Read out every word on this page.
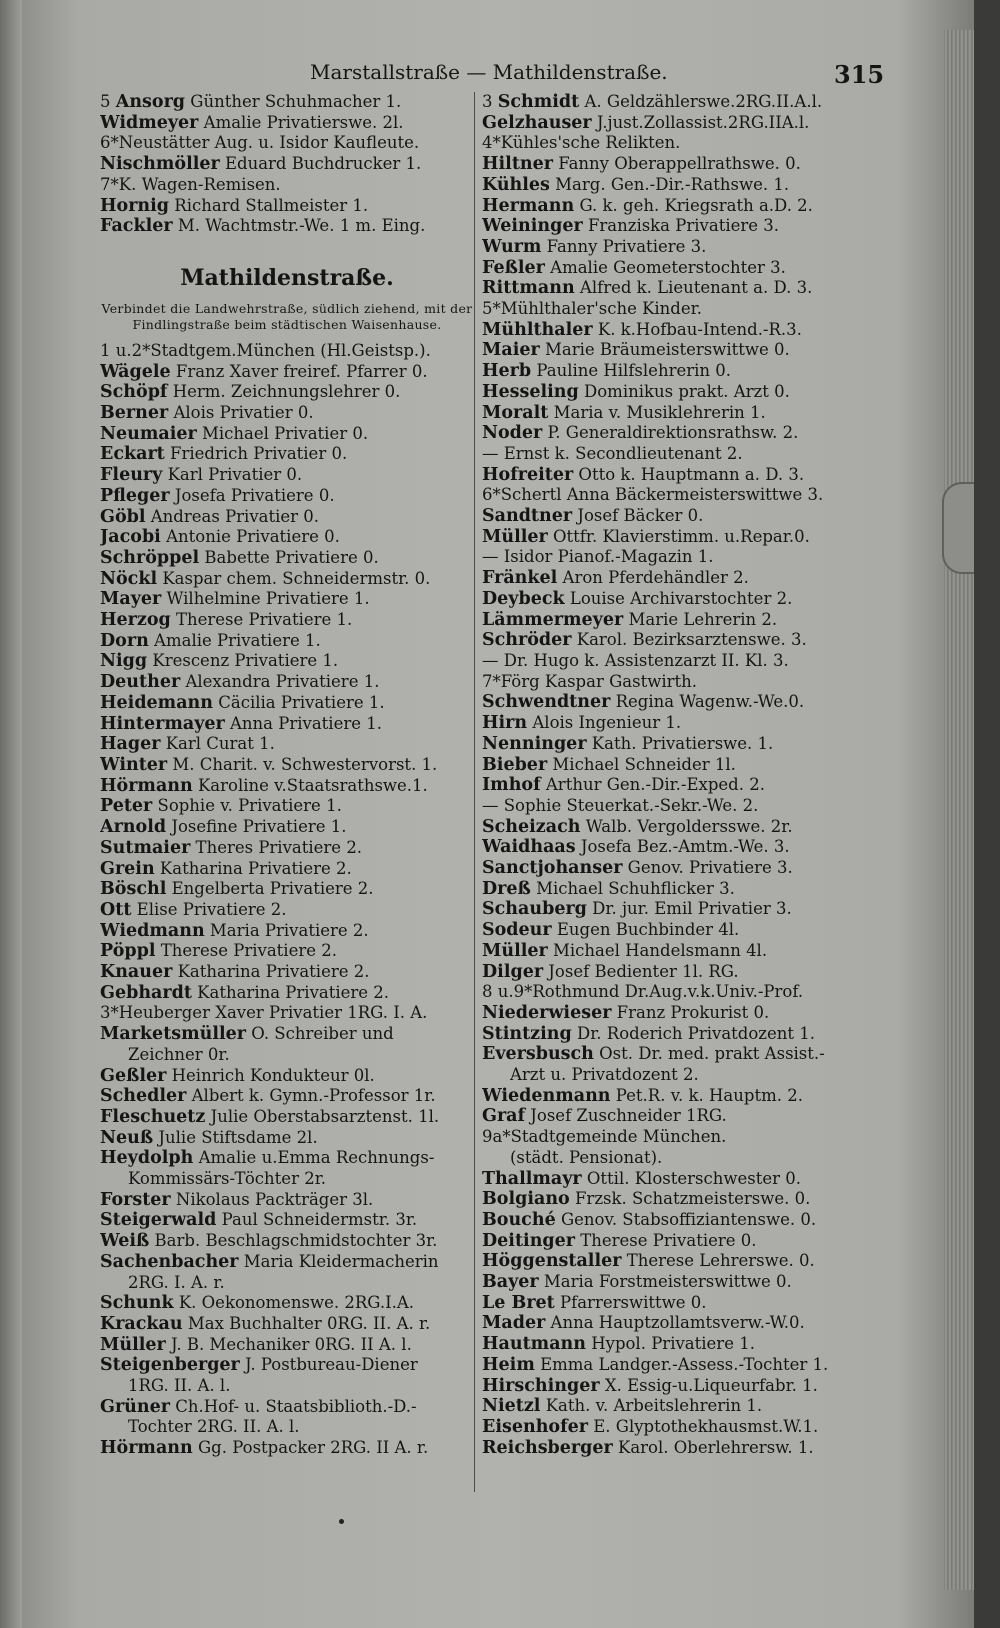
Marstallstraße — Mathildenstraße.	315
5 Ansorg Günther Schuhmacher 1.
Widmeyer Amalie Privatierswe. 2l.
6*Neustätter Aug. u. Isidor Kaufleute.
Nischmöller Eduard Buchdrucker 1.
7*K. Wagen-Remisen.
Hornig Richard Stallmeister 1.
Fackler M. Wachtmstr.-We. 1 m. Eing.
Mathildenstraße.
Verbindet die Landwehrstraße, südlich ziehend, mit der Findlingstraße beim städtischen Waisenhause.
1 u.2*Stadtgem.München (Hl.Geistsp.).
Wägele Franz Xaver freiref. Pfarrer 0.
Schöpf Herm. Zeichnungslehrer 0.
Berner Alois Privatier 0.
Neumaier Michael Privatier 0.
Eckart Friedrich Privatier 0.
Fleury Karl Privatier 0.
Pfleger Josefa Privatiere 0.
Göbl Andreas Privatier 0.
Jacobi Antonie Privatiere 0.
Schröppel Babette Privatiere 0.
Nöckl Kaspar chem. Schneidermstr. 0.
Mayer Wilhelmine Privatiere 1.
Herzog Therese Privatiere 1.
Dorn Amalie Privatiere 1.
Nigg Krescenz Privatiere 1.
Deuther Alexandra Privatiere 1.
Heidemann Cäcilia Privatiere 1.
Hintermayer Anna Privatiere 1.
Hager Karl Curat 1.
Winter M. Charit. v. Schwestervorst. 1.
Hörmann Karoline v.Staatsrathswe.1.
Peter Sophie v. Privatiere 1.
Arnold Josefine Privatiere 1.
Sutmaier Theres Privatiere 2.
Grein Katharina Privatiere 2.
Böschl Engelberta Privatiere 2.
Ott Elise Privatiere 2.
Wiedmann Maria Privatiere 2.
Pöppl Therese Privatiere 2.
Knauer Katharina Privatiere 2.
Gebhardt Katharina Privatiere 2.
3*Heuberger Xaver Privatier 1RG. I. A.
Marketsmüller O. Schreiber und
Zeichner 0r.
Geßler Heinrich Kondukteur 0l.
Schedler Albert k. Gymn.-Professor 1r.
Fleschuetz Julie Oberstabsarztenst. 1l.
Neuß Julie Stiftsdame 2l.
Heydolph Amalie u.Emma Rechnungs-
Kommissärs-Töchter 2r.
Forster Nikolaus Packträger 3l.
Steigerwald Paul Schneidermstr. 3r.
Weiß Barb. Beschlagschmidstochter 3r.
Sachenbacher Maria Kleidermacherin
2RG. I. A. r.
Schunk K. Oekonomenswe. 2RG.I.A.
Krackau Max Buchhalter 0RG. II. A. r.
Müller J. B. Mechaniker 0RG. II A. l.
Steigenberger J. Postbureau-Diener
1RG. II. A. l.
Grüner Ch.Hof- u. Staatsbiblioth.-D.-
Tochter 2RG. II. A. l.
Hörmann Gg. Postpacker 2RG. II A. r.
3 Schmidt A. Geldzählerswe.2RG.II.A.l.
Gelzhauser J.just.Zollassist.2RG.IIA.l.
4*Kühles'sche Relikten.
Hiltner Fanny Oberappellrathswe. 0.
Kühles Marg. Gen.-Dir.-Rathswe. 1.
Hermann G. k. geh. Kriegsrath a.D. 2.
Weininger Franziska Privatiere 3.
Wurm Fanny Privatiere 3.
Feßler Amalie Geometerstochter 3.
Rittmann Alfred k. Lieutenant a. D. 3.
5*Mühlthaler'sche Kinder.
Mühlthaler K. k.Hofbau-Intend.-R.3.
Maier Marie Bräumeisterswittwe 0.
Herb Pauline Hilfslehrerin 0.
Hesseling Dominikus prakt. Arzt 0.
Moralt Maria v. Musiklehrerin 1.
Noder P. Generaldirektionsrathsw. 2.
— Ernst k. Secondlieutenant 2.
Hofreiter Otto k. Hauptmann a. D. 3.
6*Schertl Anna Bäckermeisterswittwe 3.
Sandtner Josef Bäcker 0.
Müller Ottfr. Klavierstimm. u.Repar.0.
— Isidor Pianof.-Magazin 1.
Fränkel Aron Pferdehändler 2.
Deybeck Louise Archivarstochter 2.
Lämmermeyer Marie Lehrerin 2.
Schröder Karol. Bezirksarztenswe. 3.
— Dr. Hugo k. Assistenzarzt II. Kl. 3.
7*Förg Kaspar Gastwirth.
Schwendtner Regina Wagenw.-We.0.
Hirn Alois Ingenieur 1.
Nenninger Kath. Privatierswe. 1.
Bieber Michael Schneider 1l.
Imhof Arthur Gen.-Dir.-Exped. 2.
— Sophie Steuerkat.-Sekr.-We. 2.
Scheizach Walb. Vergoldersswe. 2r.
Waidhaas Josefa Bez.-Amtm.-We. 3.
Sanctjohanser Genov. Privatiere 3.
Dreß Michael Schuhflicker 3.
Schauberg Dr. jur. Emil Privatier 3.
Sodeur Eugen Buchbinder 4l.
Müller Michael Handelsmann 4l.
Dilger Josef Bedienter 1l. RG.
8 u.9*Rothmund Dr.Aug.v.k.Univ.-Prof.
Niederwieser Franz Prokurist 0.
Stintzing Dr. Roderich Privatdozent 1.
Eversbusch Ost. Dr. med. prakt Assist.-
Arzt u. Privatdozent 2.
Wiedenmann Pet.R. v. k. Hauptm. 2.
Graf Josef Zuschneider 1RG.
9a*Stadtgemeinde München.
(städt. Pensionat).
Thallmayr Ottil. Klosterschwester 0.
Bolgiano Frzsk. Schatzmeisterswe. 0.
Bouché Genov. Stabsoffiziantenswe. 0.
Deitinger Therese Privatiere 0.
Höggenstaller Therese Lehrerswe. 0.
Bayer Maria Forstmeisterswittwe 0.
Le Bret Pfarrerswittwe 0.
Mader Anna Hauptzollamtsverw.-W.0.
Hautmann Hypol. Privatiere 1.
Heim Emma Landger.-Assess.-Tochter 1.
Hirschinger X. Essig-u.Liqueurfabr. 1.
Nietzl Kath. v. Arbeitslehrerin 1.
Eisenhofer E. Glyptothekhausmst.W.1.
Reichsberger Karol. Oberlehrersw. 1.
